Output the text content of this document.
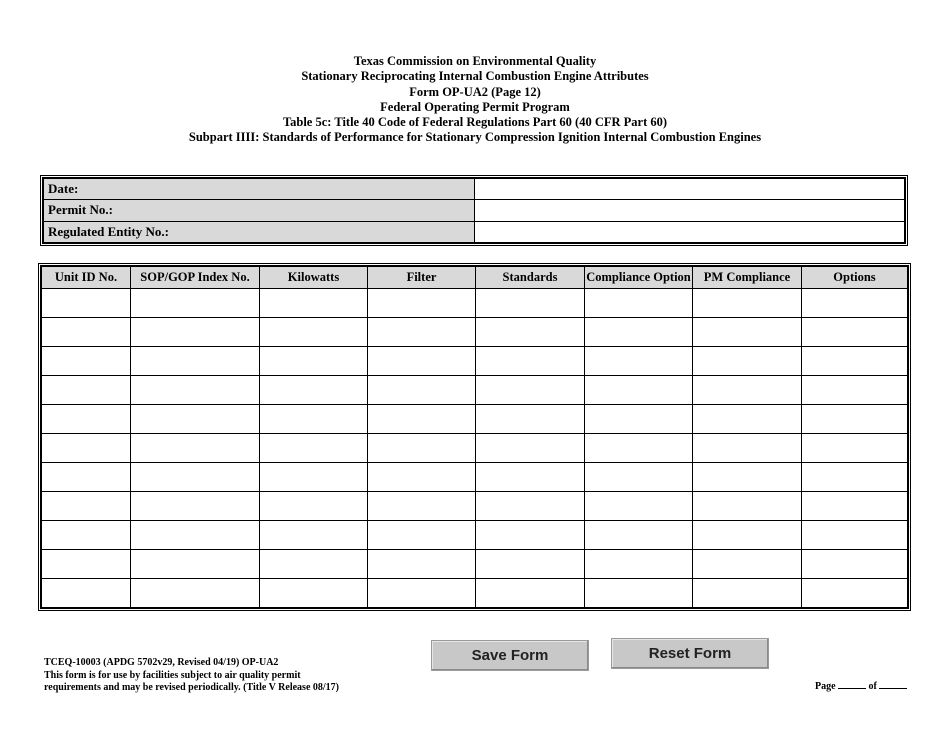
Texas Commission on Environmental Quality
Stationary Reciprocating Internal Combustion Engine Attributes
Form OP-UA2 (Page 12)
Federal Operating Permit Program
Table 5c: Title 40 Code of Federal Regulations Part 60 (40 CFR Part 60)
Subpart IIII: Standards of Performance for Stationary Compression Ignition Internal Combustion Engines
Date:	
Permit No.:	
Regulated Entity No.:	
Unit ID No.	SOP/GOP Index No.	Kilowatts	Filter	Standards	Compliance Option	PM Compliance	Options

Save Form	Reset Form
TCEQ-10003 (APDG 5702v29, Revised 04/19) OP-UA2
This form is for use by facilities subject to air quality permit
requirements and may be revised periodically. (Title V Release 08/17)	Page	of
